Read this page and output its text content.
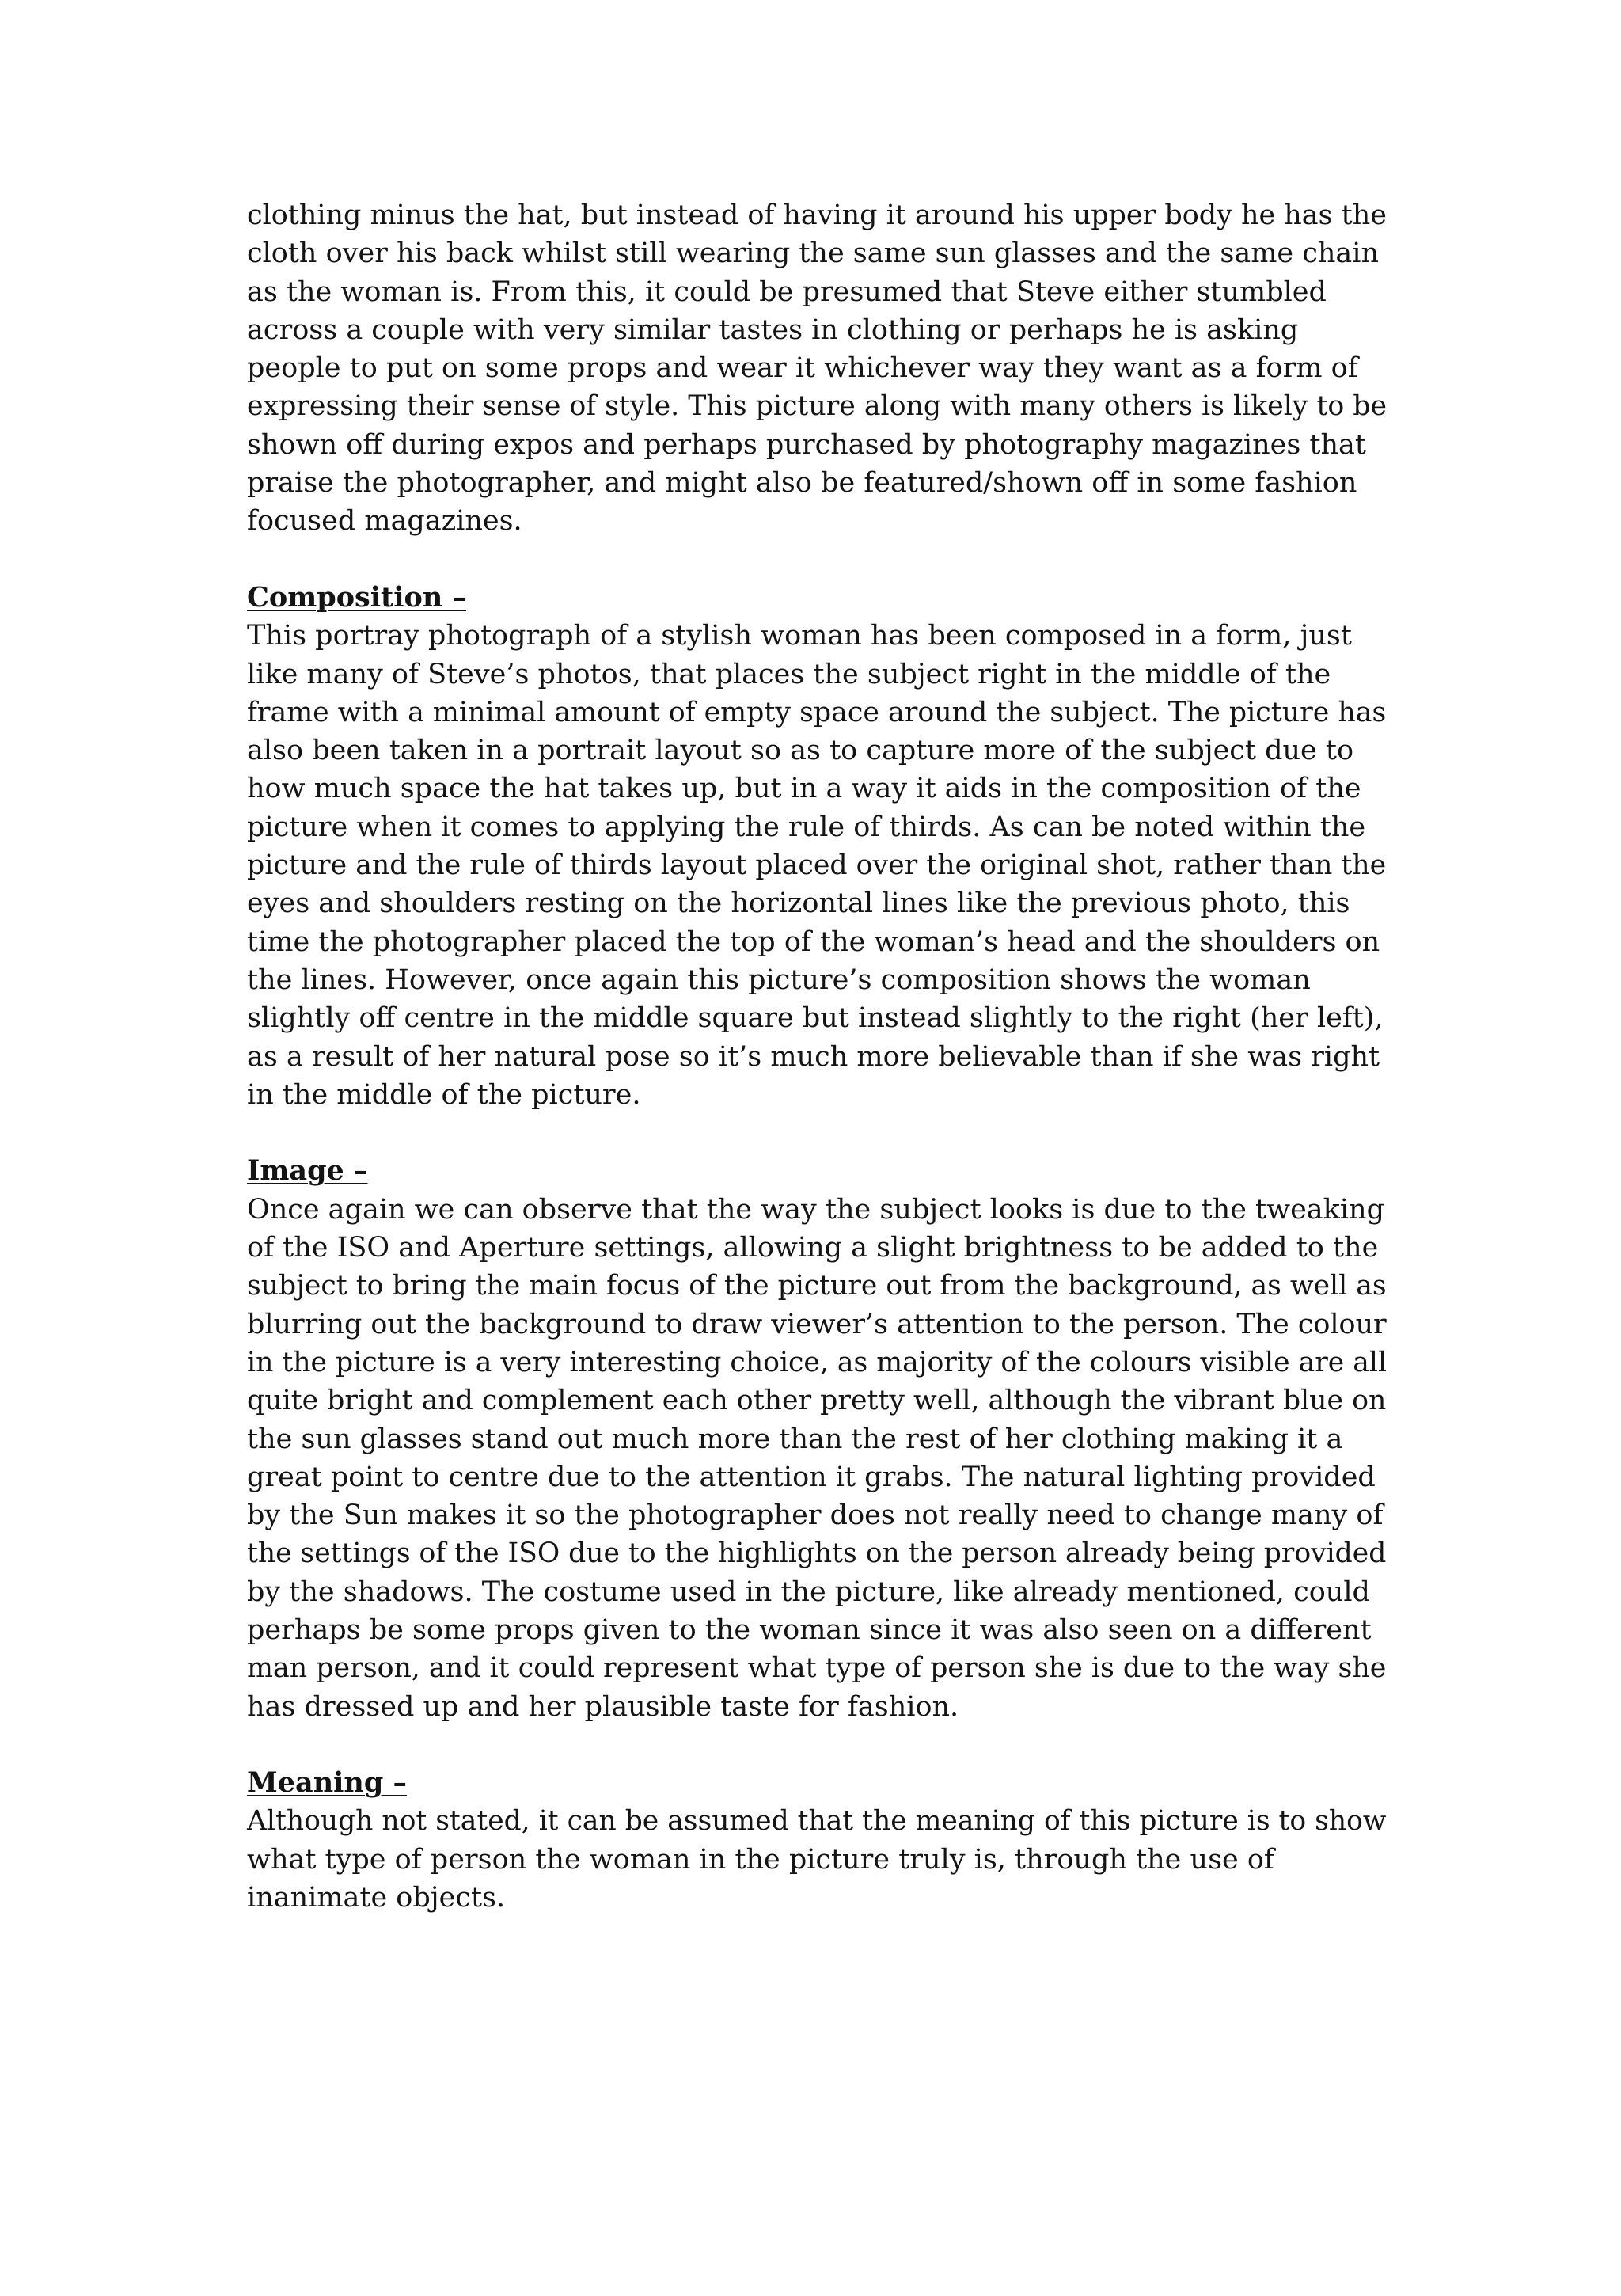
clothing minus the hat, but instead of having it around his upper body he has the
cloth over his back whilst still wearing the same sun glasses and the same chain
as the woman is. From this, it could be presumed that Steve either stumbled
across a couple with very similar tastes in clothing or perhaps he is asking
people to put on some props and wear it whichever way they want as a form of
expressing their sense of style. This picture along with many others is likely to be
shown off during expos and perhaps purchased by photography magazines that
praise the photographer, and might also be featured/shown off in some fashion
focused magazines.
Composition –
This portray photograph of a stylish woman has been composed in a form, just
like many of Steve’s photos, that places the subject right in the middle of the
frame with a minimal amount of empty space around the subject. The picture has
also been taken in a portrait layout so as to capture more of the subject due to
how much space the hat takes up, but in a way it aids in the composition of the
picture when it comes to applying the rule of thirds. As can be noted within the
picture and the rule of thirds layout placed over the original shot, rather than the
eyes and shoulders resting on the horizontal lines like the previous photo, this
time the photographer placed the top of the woman’s head and the shoulders on
the lines. However, once again this picture’s composition shows the woman
slightly off centre in the middle square but instead slightly to the right (her left),
as a result of her natural pose so it’s much more believable than if she was right
in the middle of the picture.
Image –
Once again we can observe that the way the subject looks is due to the tweaking
of the ISO and Aperture settings, allowing a slight brightness to be added to the
subject to bring the main focus of the picture out from the background, as well as
blurring out the background to draw viewer’s attention to the person. The colour
in the picture is a very interesting choice, as majority of the colours visible are all
quite bright and complement each other pretty well, although the vibrant blue on
the sun glasses stand out much more than the rest of her clothing making it a
great point to centre due to the attention it grabs. The natural lighting provided
by the Sun makes it so the photographer does not really need to change many of
the settings of the ISO due to the highlights on the person already being provided
by the shadows. The costume used in the picture, like already mentioned, could
perhaps be some props given to the woman since it was also seen on a different
man person, and it could represent what type of person she is due to the way she
has dressed up and her plausible taste for fashion.
Meaning –
Although not stated, it can be assumed that the meaning of this picture is to show
what type of person the woman in the picture truly is, through the use of
inanimate objects.
